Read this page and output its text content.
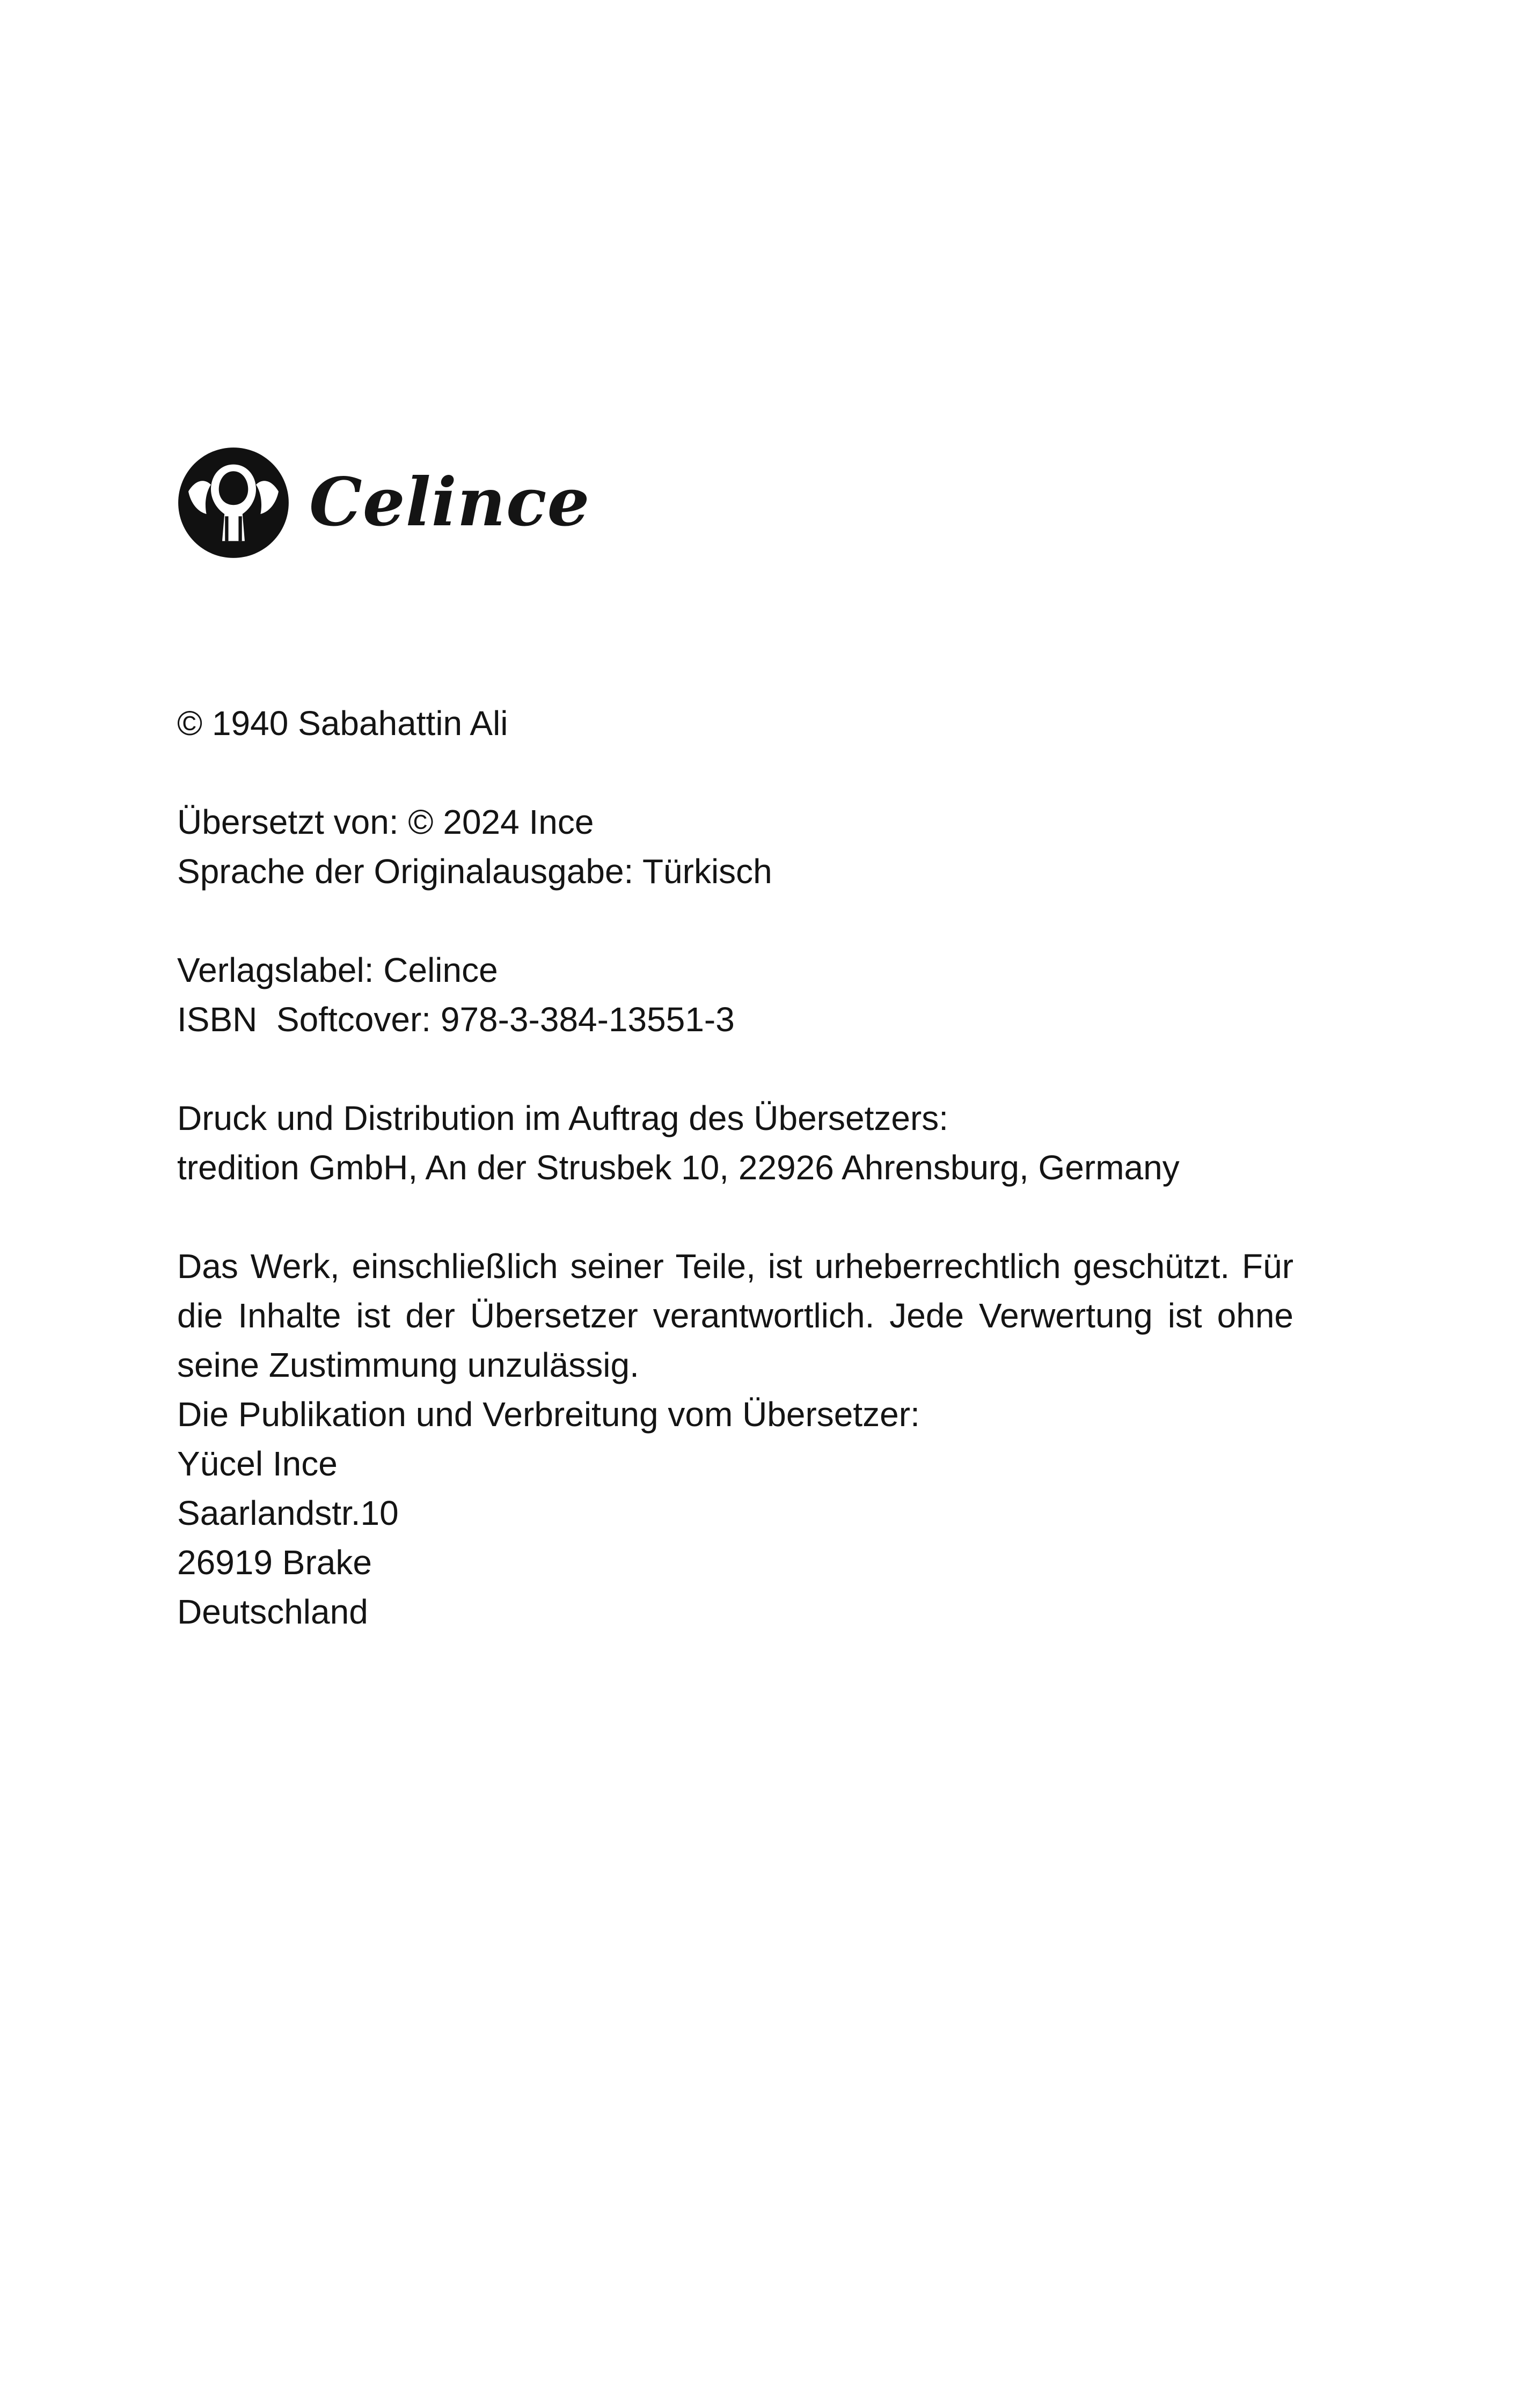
Celince
© 1940 Sabahattin Ali
Übersetzt von: © 2024 Ince
Sprache der Originalausgabe: Türkisch
Verlagslabel: Celince
ISBN  Softcover: 978-3-384-13551-3
Druck und Distribution im Auftrag des Übersetzers:
tredition GmbH, An der Strusbek 10, 22926 Ahrensburg, Germany
Das Werk, einschließlich seiner Teile, ist urheberrechtlich geschützt. Für die Inhalte ist der Übersetzer verantwortlich. Jede Verwertung ist ohne seine Zustimmung unzulässig.
Die Publikation und Verbreitung vom Übersetzer:
Yücel Ince
Saarlandstr.10
26919 Brake
Deutschland
